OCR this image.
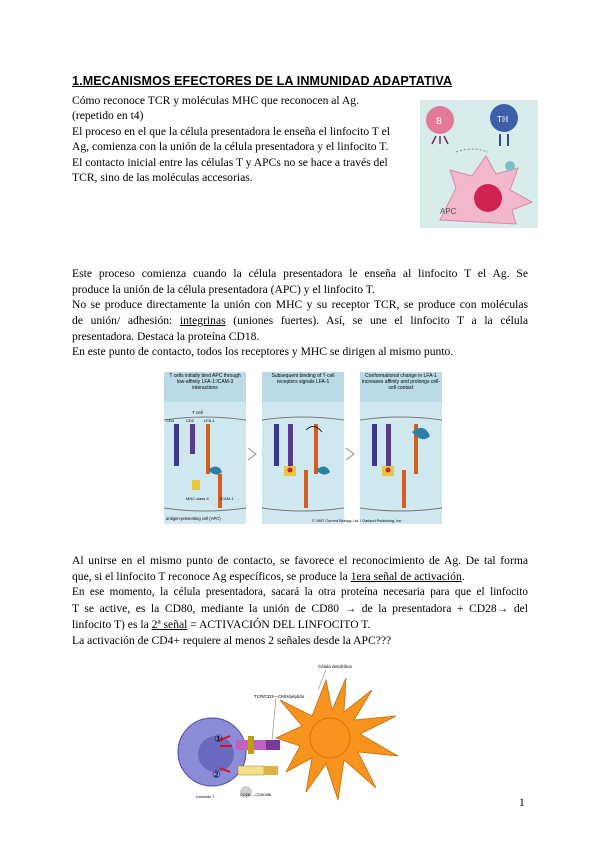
1.MECANISMOS EFECTORES DE LA INMUNIDAD ADAPTATIVA
Cómo reconoce TCR y moléculas MHC que reconocen al Ag.
(repetido en t4)
El proceso en el que la célula presentadora le enseña el linfocito T el
Ag, comienza con la unión de la célula presentadora y el linfocito T.
El contacto inicial entre las células T y APCs no se hace a través del
TCR, sino de las moléculas accesorias.
B	Tℍ
APC
Este proceso comienza cuando la célula presentadora le enseña al linfocito T el Ag. Se
produce la unión de la célula presentadora (APC) y el linfocito T.
No se produce directamente la unión con MHC y su receptor TCR, se produce con moléculas
de unión/ adhesión: integrinas (uniones fuertes). Así, se une el linfocito T a la célula
presentadora. Destaca la proteína CD18.
En este punto de contacto, todos los receptores y MHC se dirigen al mismo punto.
T cells initially bind APC through low-affinity LFA-1:ICAM-3 interactions
Subsequent binding of T-cell receptors signals LFA-1
Conformational change in LFA-1 increases affinity and prolongs cell-cell contact
T cell
CD4	CD2 LFA-1
MHC class II	ICAM-1
antigen-presenting cell (APC)	© 1997 Current Biology Ltd. / Garland Publishing, Inc.
Al unirse en el mismo punto de contacto, se favorece el reconocimiento de Ag. De tal forma
que, si el linfocito T reconoce Ag específicos, se produce la 1era señal de activación.
En ese momento, la célula presentadora, sacará la otra proteína necesaria para que el linfocito
T se active, es la CD80, mediante la unión de CD80 → de la presentadora + CD28→ del
linfocito T) es la 2ª señal = ACTIVACIÓN DEL LINFOCITO T.
La activación de CD4+ requiere al menos 2 señales desde la APC???
Célula dendrítica
TCR/CD3—CMH/péptido
CD28 —CD80/86
Linfocito T
①
②
1
